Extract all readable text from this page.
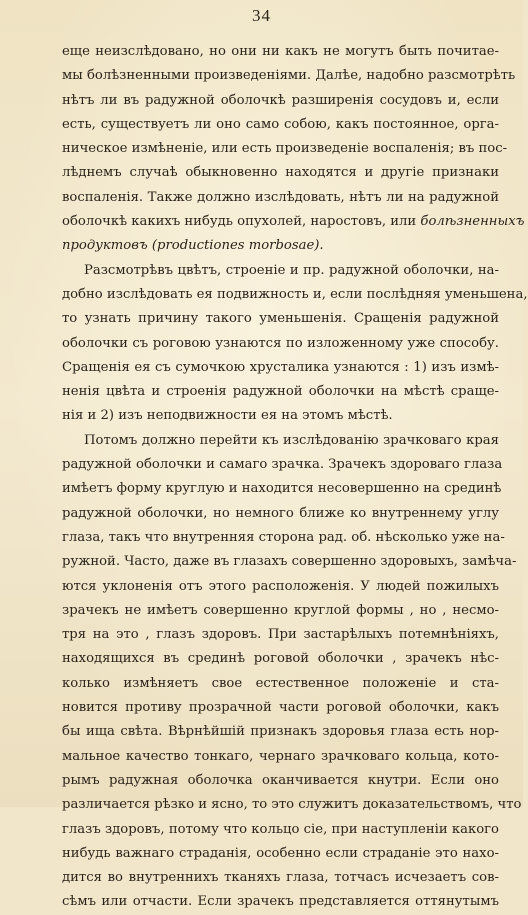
34
еще неизслѣдовано, но они ни какъ не могутъ быть почитае-
мы болѣзненными произведеніями. Далѣе, надобно разсмотрѣть
нѣтъ ли въ радужной оболочкѣ разширенія сосудовъ и, если
есть, существуетъ ли оно само собою, какъ постоянное, орга-
ническое измѣненіе, или есть произведеніе воспаленія; въ пос-
лѣднемъ случаѣ обыкновенно находятся и другіе признаки
воспаленія. Также должно изслѣдовать, нѣтъ ли на радужной
оболочкѣ какихъ нибудь опухолей, наростовъ, или болѣзненныхъ
продуктовъ (productiones morbosae).
Разсмотрѣвъ цвѣтъ, строеніе и пр. радужной оболочки, на-
добно изслѣдовать ея подвижность и, если послѣдняя уменьшена,
то узнать причину такого уменьшенія. Сращенія радужной
оболочки съ роговою узнаются по изложенному уже способу.
Сращенія ея съ сумочкою хрусталика узнаются : 1) изъ измѣ-
ненія цвѣта и строенія радужной оболочки на мѣстѣ сраще-
нія и 2) изъ неподвижности ея на этомъ мѣстѣ.
Потомъ должно перейти къ изслѣдованію зрачковаго края
радужной оболочки и самаго зрачка. Зрачекъ здороваго глаза
имѣетъ форму круглую и находится несовершенно на срединѣ
радужной оболочки, но немного ближе ко внутреннему углу
глаза, такъ что внутренняя сторона рад. об. нѣсколько уже на-
ружной. Часто, даже въ глазахъ совершенно здоровыхъ, замѣча-
ются уклоненія отъ этого расположенія. У людей пожилыхъ
зрачекъ не имѣетъ совершенно круглой формы , но , несмо-
тря на это , глазъ здоровъ. При застарѣлыхъ потемнѣніяхъ,
находящихся въ срединѣ роговой оболочки , зрачекъ нѣс-
колько измѣняетъ свое естественное положеніе и ста-
новится противу прозрачной части роговой оболочки, какъ
бы ища свѣта. Вѣрнѣйшій признакъ здоровья глаза есть нор-
мальное качество тонкаго, чернаго зрачковаго кольца, кото-
рымъ радужная оболочка оканчивается кнутри. Если оно
различается рѣзко и ясно, то это служитъ доказательствомъ, что
глазъ здоровъ, потому что кольцо сіе, при наступленіи какого
нибудь важнаго страданія, особенно если страданіе это нахо-
дится во внутреннихъ тканяхъ глаза, тотчасъ исчезаетъ сов-
сѣмъ или отчасти. Если зрачекъ представляется оттянутымъ
